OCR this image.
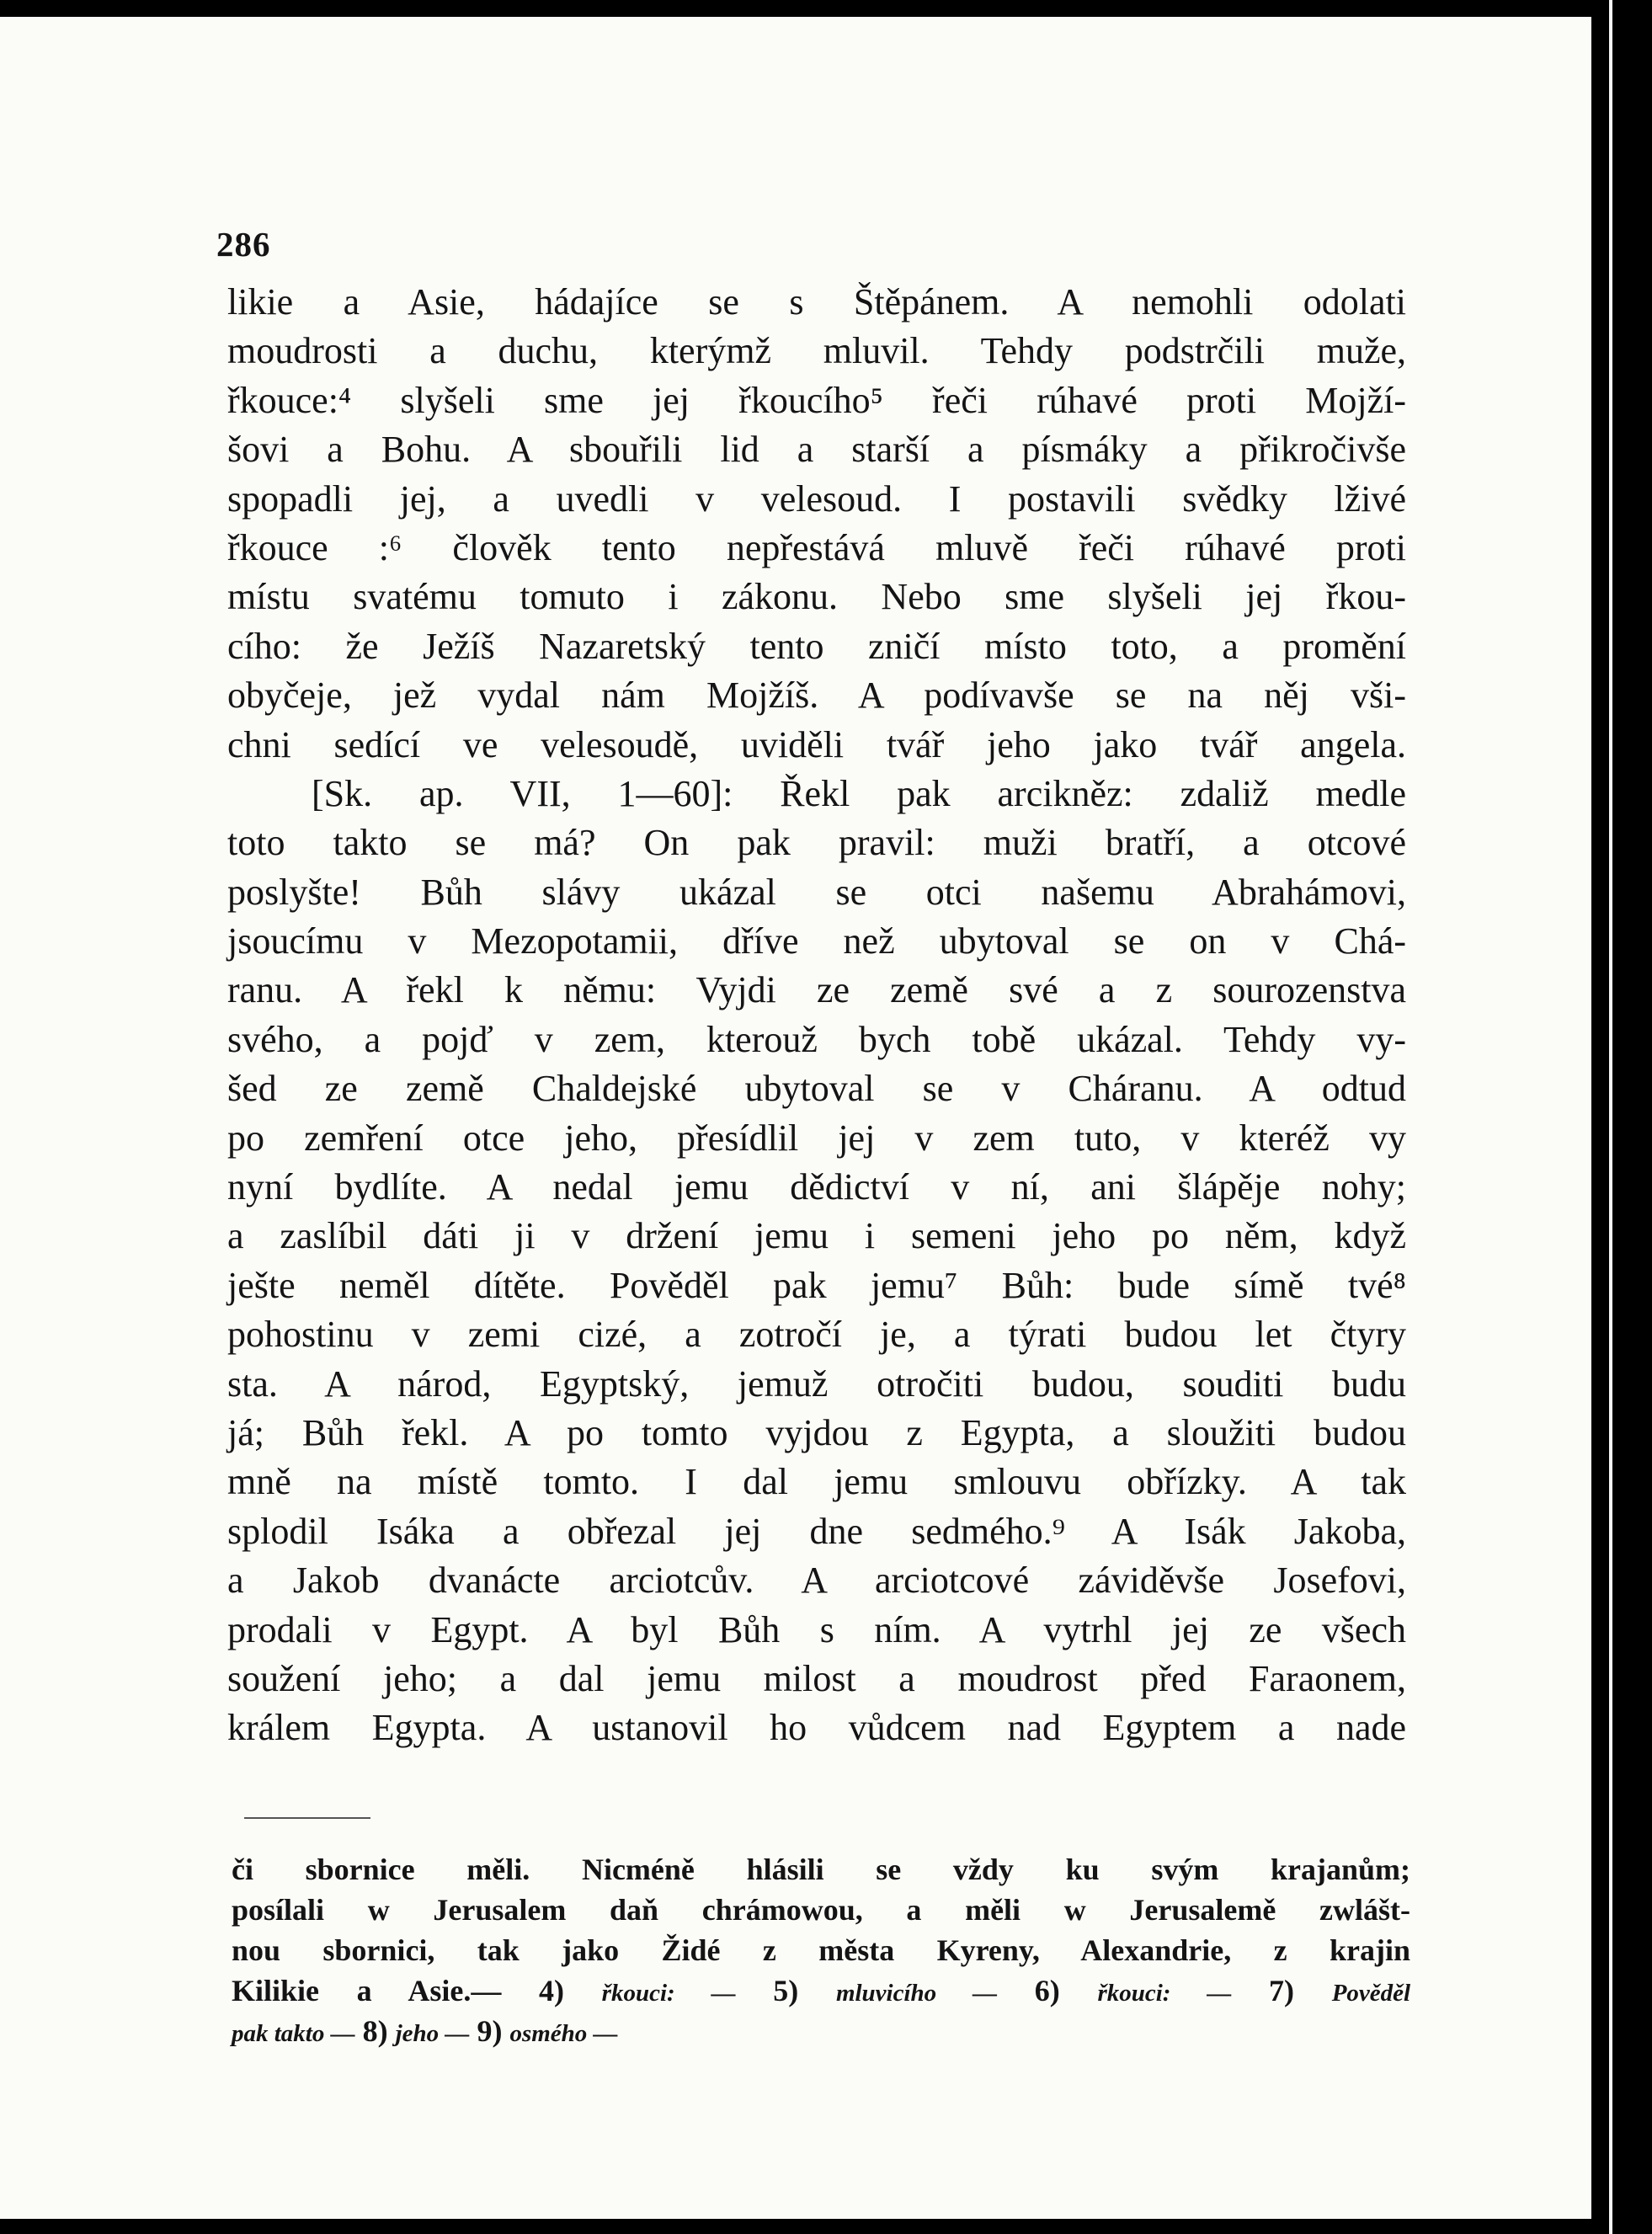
286
likie a Asie, hádajíce se s Štěpánem. A nemohli odolati
moudrosti a duchu, kterýmž mluvil. Tehdy podstrčili muže,
řkouce:⁴ slyšeli sme jej řkoucího⁵ řeči rúhavé proti Mojží-
šovi a Bohu. A sbouřili lid a starší a písmáky a přikročivše
spopadli jej, a uvedli v velesoud. I postavili svědky lživé
řkouce :⁶ člověk tento nepřestává mluvě řeči rúhavé proti
místu svatému tomuto i zákonu. Nebo sme slyšeli jej řkou-
cího: že Ježíš Nazaretský tento zničí místo toto, a promění
obyčeje, jež vydal nám Mojžíš. A podívavše se na něj vši-
chni sedící ve velesoudě, uviděli tvář jeho jako tvář angela.
[Sk. ap. VII, 1—60]: Řekl pak arcikněz: zdaliž medle
toto takto se má? On pak pravil: muži bratří, a otcové
poslyšte! Bůh slávy ukázal se otci našemu Abrahámovi,
jsoucímu v Mezopotamii, dříve než ubytoval se on v Chá-
ranu. A řekl k němu: Vyjdi ze země své a z sourozenstva
svého, a pojď v zem, kterouž bych tobě ukázal. Tehdy vy-
šed ze země Chaldejské ubytoval se v Cháranu. A odtud
po zemření otce jeho, přesídlil jej v zem tuto, v kteréž vy
nyní bydlíte. A nedal jemu dědictví v ní, ani šlápěje nohy;
a zaslíbil dáti ji v držení jemu i semeni jeho po něm, když
ješte neměl dítěte. Pověděl pak jemu⁷ Bůh: bude símě tvé⁸
pohostinu v zemi cizé, a zotročí je, a týrati budou let čtyry
sta. A národ, Egyptský, jemuž otročiti budou, souditi budu
já; Bůh řekl. A po tomto vyjdou z Egypta, a sloužiti budou
mně na místě tomto. I dal jemu smlouvu obřízky. A tak
splodil Isáka a obřezal jej dne sedmého.⁹ A Isák Jakoba,
a Jakob dvanácte arciotcův. A arciotcové záviděvše Josefovi,
prodali v Egypt. A byl Bůh s ním. A vytrhl jej ze všech
soužení jeho; a dal jemu milost a moudrost před Faraonem,
králem Egypta. A ustanovil ho vůdcem nad Egyptem a nade
či sbornice měli. Nicméně hlásili se vždy ku svým krajanům;
posílali w Jerusalem daň chrámowou, a měli w Jerusalemě zwlášt-
nou sbornici, tak jako Židé z města Kyreny, Alexandrie, z krajin
Kilikie a Asie.— 4) řkouci: — 5) mluvicího — 6) řkouci: — 7) Pověděl
pak takto — 8) jeho — 9) osmého —
